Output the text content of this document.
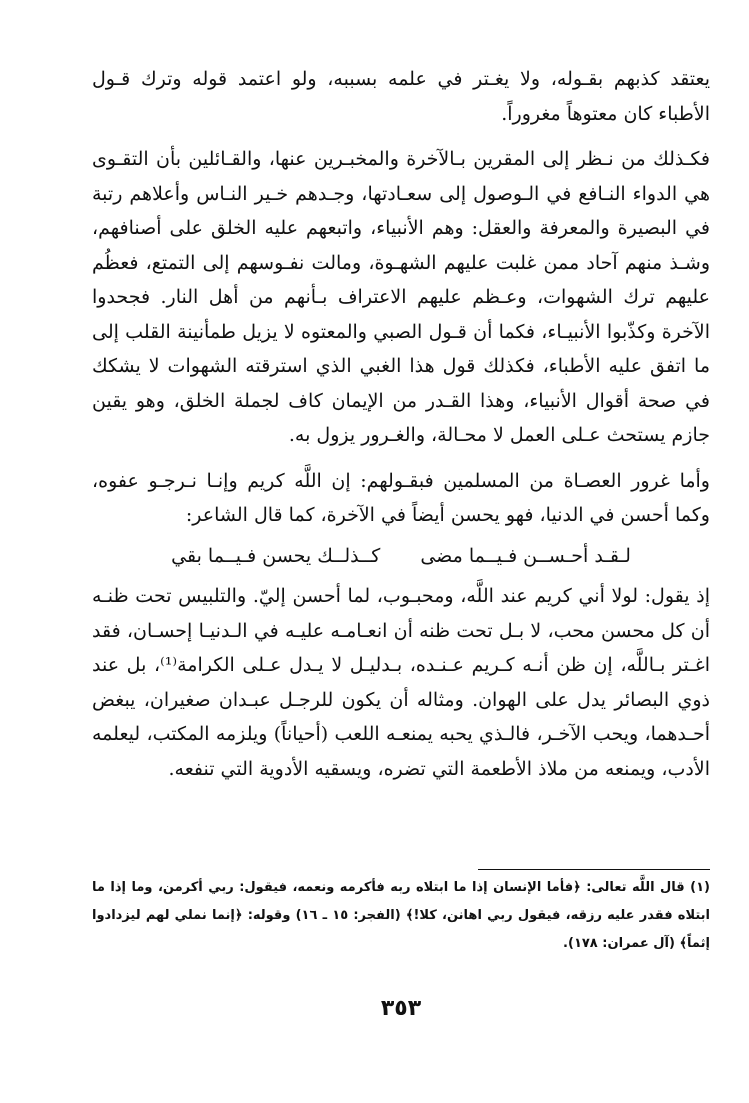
يعتقد كذبهم بقـوله، ولا يغـتر في علمه بسببه، ولو اعتمد قوله وترك قـول الأطباء كان معتوهاً مغروراً.

فكـذلك من نـظر إلى المقرين بـالآخرة والمخبـرين عنها، والقـائلين بأن التقـوى هي الدواء النـافع في الـوصول إلى سعـادتها، وجـدهم خـير النـاس وأعلاهم رتبة في البصيرة والمعرفة والعقل: وهم الأنبياء، واتبعهم عليه الخلق على أصنافهم، وشـذ منهم آحاد ممن غلبت عليهم الشهـوة، ومالت نفـوسهم إلى التمتع، فعظُم عليهم ترك الشهوات، وعـظم عليهم الاعتراف بـأنهم من أهل النار. فجحدوا الآخرة وكذّبوا الأنبيـاء، فكما أن قـول الصبي والمعتوه لا يزيل طمأنينة القلب إلى ما اتفق عليه الأطباء، فكذلك قول هذا الغبي الذي استرقته الشهوات لا يشكك في صحة أقوال الأنبياء، وهذا القـدر من الإيمان كاف لجملة الخلق، وهو يقين جازم يستحث عـلى العمل لا محـالة، والغـرور يزول به.

وأما غرور العصـاة من المسلمين فبقـولهم: إن اللَّه كريم وإنـا نـرجـو عفوه، وكما أحسن في الدنيا، فهو يحسن أيضاً في الآخرة، كما قال الشاعر:

لـقـد أحـســن فـيــما مضى
كــذلــك يحسن فـيــما بقي

إذ يقول: لولا أني كريم عند اللَّه، ومحبـوب، لما أحسن إليّ. والتلبيس تحت ظنـه أن كل محسن محب، لا بـل تحت ظنه أن انعـامـه عليـه في الـدنيـا إحسـان، فقد اغـتر بـاللَّه، إن ظن أنـه كـريم عـنـده، بـدليـل لا يـدل عـلى الكرامة⁽¹⁾، بل عند ذوي البصائر يدل على الهوان. ومثاله أن يكون للرجـل عبـدان صغيران، يبغض أحـدهما، ويحب الآخـر، فالـذي يحبه يمنعـه اللعب (أحياناً) ويلزمه المكتب، ليعلمه الأدب، ويمنعه من ملاذ الأطعمة التي تضره، ويسقيه الأدوية التي تنفعه.

(١) قال اللَّه تعالى: ﴿فأما الإنسان إذا ما ابتلاه ربه فأكرمه ونعمه، فيقول: ربي أكرمن، وما إذا ما ابتلاه فقدر عليه رزقه، فيقول ربي اهانن، كلا!﴾ (الفجر: ١٥ ـ ١٦) وقوله: ﴿إنما نملي لهم ليزدادوا إثماً﴾ (آل عمران: ١٧٨).

٣٥٣
